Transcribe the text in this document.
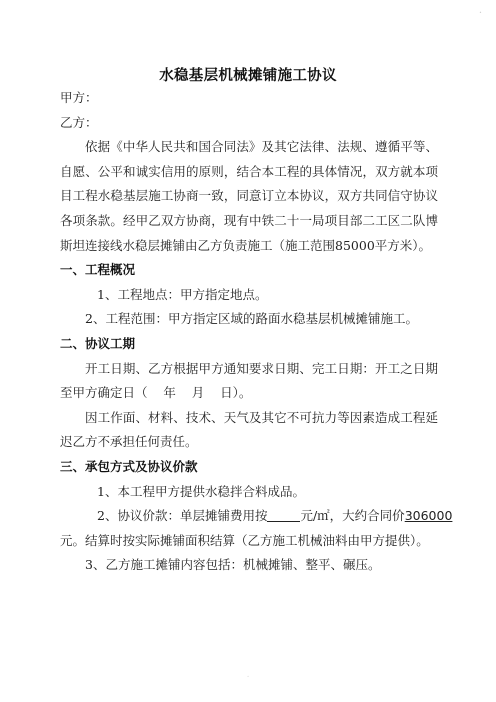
.
水稳基层机械摊铺施工协议
甲方：
乙方：
依据《中华人民共和国合同法》及其它法律、法规、遵循平等、
自愿、公平和诚实信用的原则，结合本工程的具体情况，双方就本项
目工程水稳基层施工协商一致，同意订立本协议，双方共同信守协议
各项条款。经甲乙双方协商，现有中铁二十一局项目部二工区二队博
斯坦连接线水稳层摊铺由乙方负责施工（施工范围85000平方米）。
一、工程概况
1、工程地点：甲方指定地点。
2、工程范围：甲方指定区域的路面水稳基层机械摊铺施工。
二、协议工期
开工日期、乙方根据甲方通知要求日期、完工日期：开工之日期
至甲方确定日（    年    月    日）。
因工作面、材料、技术、天气及其它不可抗力等因素造成工程延
迟乙方不承担任何责任。
三、承包方式及协议价款
1、本工程甲方提供水稳拌合料成品。
2、协议价款：单层摊铺费用按	元/㎡，大约合同价306000
元。结算时按实际摊铺面积结算（乙方施工机械油料由甲方提供）。
3、乙方施工摊铺内容包括：机械摊铺、整平、碾压。
.
